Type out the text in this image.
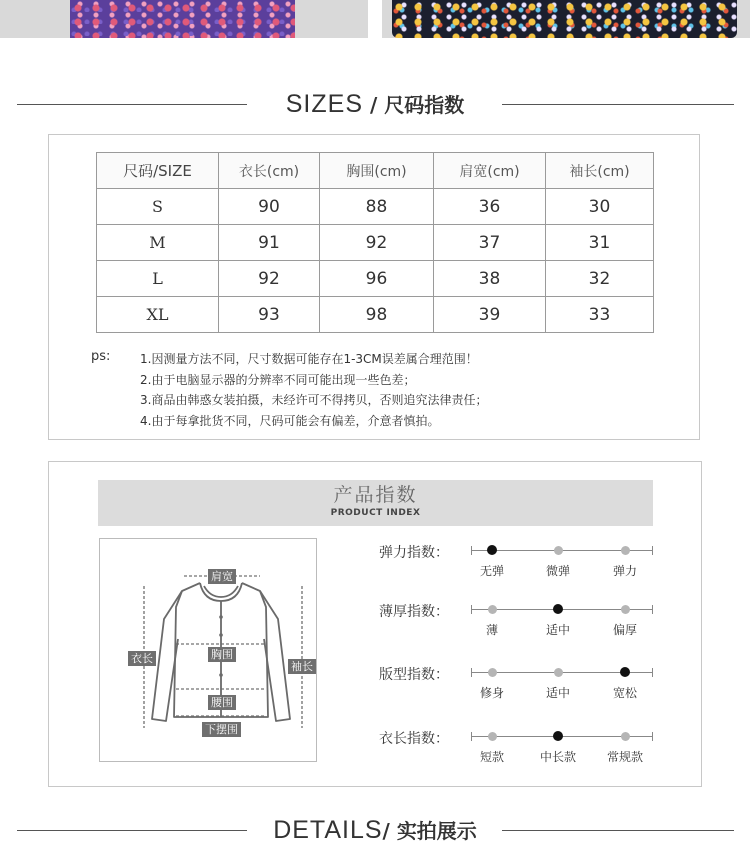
SIZES / 尺码指数
尺码/SIZE	衣长(cm)	胸围(cm)	肩宽(cm)	袖长(cm)
S	90	88	36	30
M	91	92	37	31
L	92	96	38	32
XL	93	98	39	33
ps: 1.因测量方法不同，尺寸数据可能存在1-3CM误差属合理范围！
2.由于电脑显示器的分辨率不同可能出现一些色差；
3.商品由韩惑女装拍摄，未经许可不得拷贝，否则追究法律责任；
4.由于每拿批货不同，尺码可能会有偏差，介意者慎拍。
产品指数
PRODUCT INDEX
肩宽
衣长	胸围
袖长
腰围
下摆围
弹力指数：
无弹	微弹	弹力
薄厚指数：
薄	适中	偏厚
版型指数：
修身	适中	宽松
衣长指数：
短款	中长款	常规款
DETAILS/ 实拍展示
